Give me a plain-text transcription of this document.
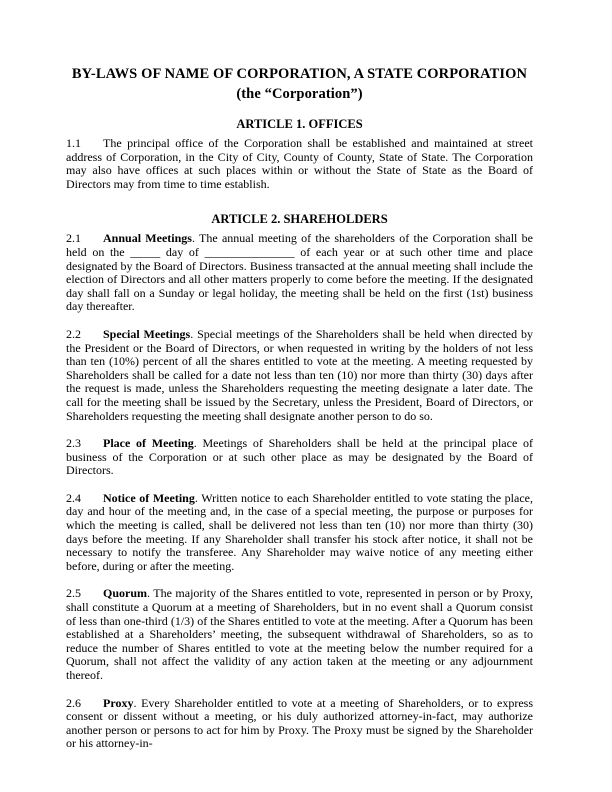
BY-LAWS OF NAME OF CORPORATION, A STATE CORPORATION
(the “Corporation”)
ARTICLE 1. OFFICES

1.1 The principal office of the Corporation shall be established and maintained at street address of Corporation, in the City of City, County of County, State of State. The Corporation may also have offices at such places within or without the State of State as the Board of Directors may from time to time establish.

ARTICLE 2. SHAREHOLDERS

2.1 Annual Meetings. The annual meeting of the shareholders of the Corporation shall be held on the _____ day of _______________ of each year or at such other time and place designated by the Board of Directors. Business transacted at the annual meeting shall include the election of Directors and all other matters properly to come before the meeting. If the designated day shall fall on a Sunday or legal holiday, the meeting shall be held on the first (1st) business day thereafter.

2.2 Special Meetings. Special meetings of the Shareholders shall be held when directed by the President or the Board of Directors, or when requested in writing by the holders of not less than ten (10%) percent of all the shares entitled to vote at the meeting. A meeting requested by Shareholders shall be called for a date not less than ten (10) nor more than thirty (30) days after the request is made, unless the Shareholders requesting the meeting designate a later date. The call for the meeting shall be issued by the Secretary, unless the President, Board of Directors, or Shareholders requesting the meeting shall designate another person to do so.

2.3 Place of Meeting. Meetings of Shareholders shall be held at the principal place of business of the Corporation or at such other place as may be designated by the Board of Directors.

2.4 Notice of Meeting. Written notice to each Shareholder entitled to vote stating the place, day and hour of the meeting and, in the case of a special meeting, the purpose or purposes for which the meeting is called, shall be delivered not less than ten (10) nor more than thirty (30) days before the meeting. If any Shareholder shall transfer his stock after notice, it shall not be necessary to notify the transferee. Any Shareholder may waive notice of any meeting either before, during or after the meeting.

2.5 Quorum. The majority of the Shares entitled to vote, represented in person or by Proxy, shall constitute a Quorum at a meeting of Shareholders, but in no event shall a Quorum consist of less than one-third (1/3) of the Shares entitled to vote at the meeting. After a Quorum has been established at a Shareholders’ meeting, the subsequent withdrawal of Shareholders, so as to reduce the number of Shares entitled to vote at the meeting below the number required for a Quorum, shall not affect the validity of any action taken at the meeting or any adjournment thereof.

2.6 Proxy. Every Shareholder entitled to vote at a meeting of Shareholders, or to express consent or dissent without a meeting, or his duly authorized attorney-in-fact, may authorize another person or persons to act for him by Proxy. The Proxy must be signed by the Shareholder or his attorney-in-
